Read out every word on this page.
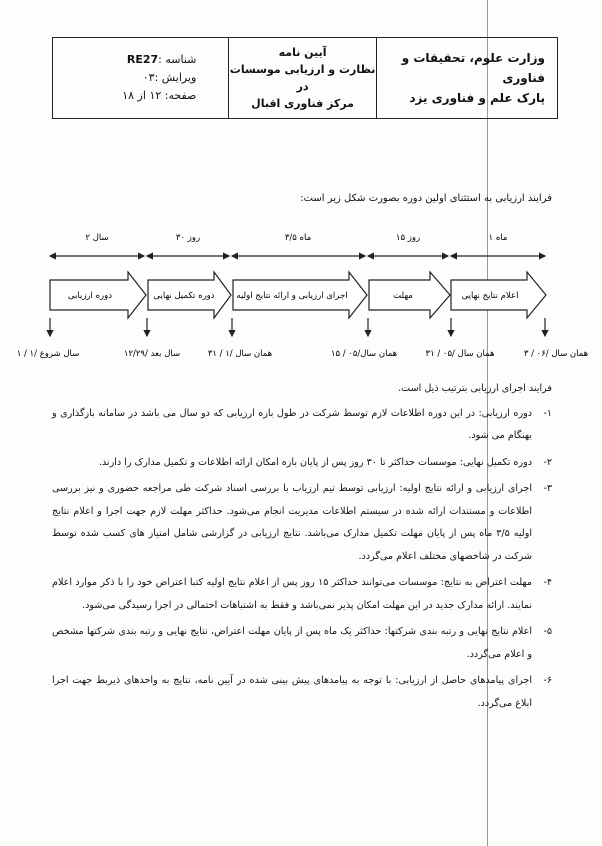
وزارت علوم، تحقیقات و فناوری
پارک علم و فناوری یزد
آیین نامه
نظارت و ارزیابی موسسات در
مرکز فناوری اقبال
شناسه :RE27
ویرایش :۰۳
صفحه: ۱۲ از ۱۸
فرایند ارزیابی به استثنای اولین دوره بصورت شکل زیر است:
۱ ماه
۱۵ روز
۳/۵ ماه
۳۰ روز
۲ سال
اعلام نتایج نهایی
مهلت
اجرای ارزیابی و ارائه نتایج اولیه
دوره تکمیل نهایی
دوره ارزیابی
۳ / ۰۶/ همان سال
۳۱ / ۰۵/ همان سال
۱۵ / ۰۵/همان سال
۳۱ / ۱/ همان سال
۱۲/۲۹/ سال بعد
۱ / ۱/ سال شروع
فرایند اجرای ارزیابی بترتیب ذیل است.
۱-
دوره ارزیابی: در این دوره اطلاعات لازم توسط شرکت در طول بازه ارزیابی که دو سال می باشد در سامانه بازگذاری و بهنگام می شود.
۲-
دوره تکمیل نهایی: موسسات حداکثر تا ۳۰ روز پس از پایان بازه امکان ارائه اطلاعات و تکمیل مدارک را دارند.
۳-
اجرای ارزیابی و ارائه نتایج اولیه: ارزیابی توسط تیم ارزیاب با بررسی اسناد شرکت طی مراجعه حضوری و نیز بررسی اطلاعات و مستندات ارائه شده در سیستم اطلاعات مدیریت انجام می‌شود. حداکثر مهلت لازم جهت اجرا و اعلام نتایج اولیه ۳/۵ ماه پس از پایان مهلت تکمیل مدارک می‌باشد. نتایج ارزیابی در گزارشی شامل امتیاز های کسب شده توسط شرکت در شاخصهای مختلف اعلام می‌گردد.
۴-
مهلت اعتراض به نتایج: موسسات می‌توانند حداکثر ۱۵ روز پس از اعلام نتایج اولیه کتبا اعتراض خود را با ذکر موارد اعلام نمایند. ارائه مدارک جدید در این مهلت امکان پذیر نمی‌باشد و فقط به اشتباهات احتمالی در اجرا رسیدگی می‌شود.
۵-
اعلام نتایج نهایی و رتبه بندی شرکتها: حداکثر یک ماه پس از پایان مهلت اعتراض، نتایج نهایی و رتبه بندی شرکتها مشخص و اعلام می‌گردد.
۶-
اجرای پیامدهای حاصل از ارزیابی: با توجه به پیامدهای پیش بینی شده در آیین نامه، نتایج به واحدهای ذیربط جهت اجرا ابلاغ می‌گردد.
